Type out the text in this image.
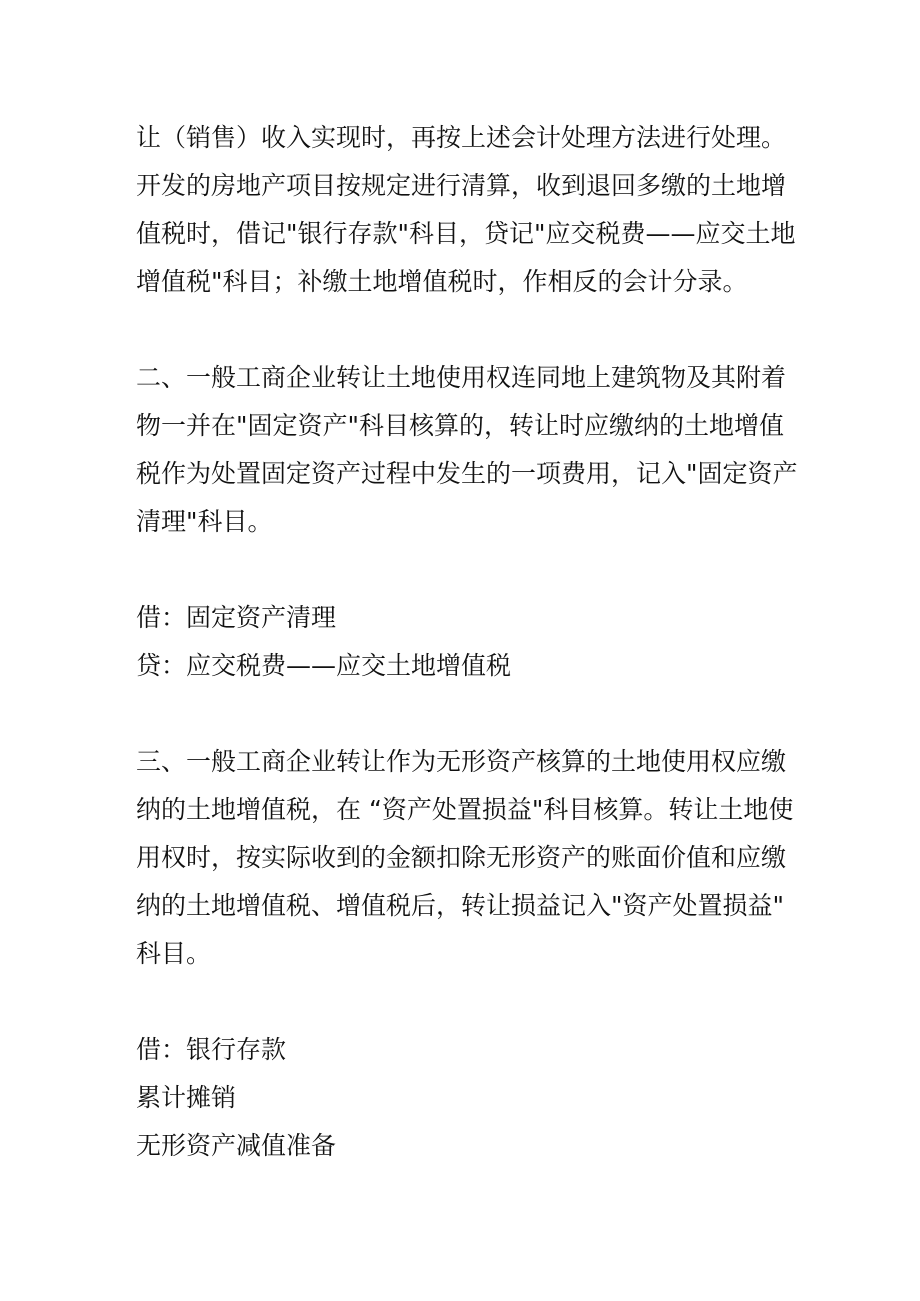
让（销售）收入实现时，再按上述会计处理方法进行处理。
开发的房地产项目按规定进行清算，收到退回多缴的土地增
值税时，借记"银行存款"科目，贷记"应交税费——应交土地
增值税"科目；补缴土地增值税时，作相反的会计分录。
二、一般工商企业转让土地使用权连同地上建筑物及其附着
物一并在"固定资产"科目核算的，转让时应缴纳的土地增值
税作为处置固定资产过程中发生的一项费用，记入"固定资产
清理"科目。
借：固定资产清理
贷：应交税费——应交土地增值税
三、一般工商企业转让作为无形资产核算的土地使用权应缴
纳的土地增值税，在 “资产处置损益"科目核算。转让土地使
用权时，按实际收到的金额扣除无形资产的账面价值和应缴
纳的土地增值税、增值税后，转让损益记入"资产处置损益"
科目。
借：银行存款
累计摊销
无形资产减值准备
